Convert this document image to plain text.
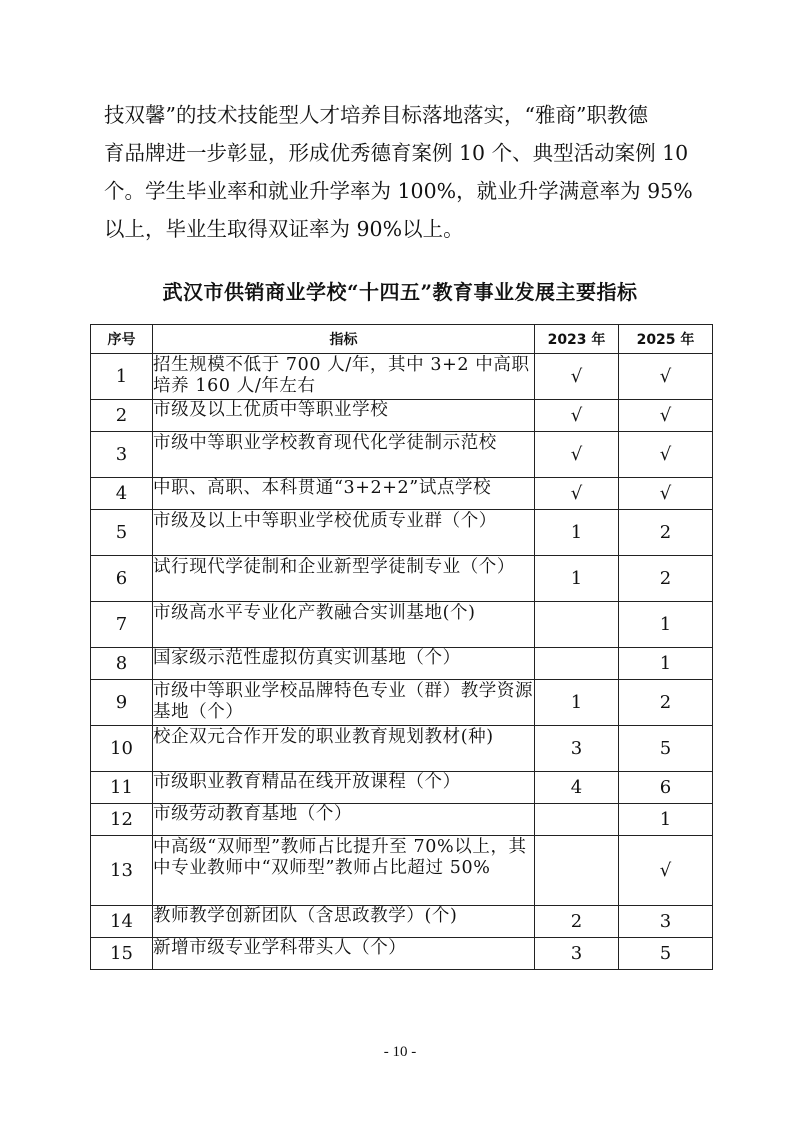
技双馨”的技术技能型人才培养目标落地落实，“雅商”职教德
育品牌进一步彰显，形成优秀德育案例 10 个、典型活动案例 10
个。学生毕业率和就业升学率为 100%，就业升学满意率为 95%
以上，毕业生取得双证率为 90%以上。
武汉市供销商业学校“十四五”教育事业发展主要指标
序号	指标	2023 年	2025 年
1	招生规模不低于 700 人/年，其中 3+2 中高职培养 160 人/年左右	√	√
2	市级及以上优质中等职业学校	√	√
3	市级中等职业学校教育现代化学徒制示范校	√	√
4	中职、高职、本科贯通“3+2+2”试点学校	√	√
5	市级及以上中等职业学校优质专业群（个）	1	2
6	试行现代学徒制和企业新型学徒制专业（个）	1	2
7	市级高水平专业化产教融合实训基地(个)		1
8	国家级示范性虚拟仿真实训基地（个）		1
9	市级中等职业学校品牌特色专业（群）教学资源基地（个）	1	2
10	校企双元合作开发的职业教育规划教材(种)	3	5
11	市级职业教育精品在线开放课程（个）	4	6
12	市级劳动教育基地（个）		1
13	中高级“双师型”教师占比提升至 70%以上，其中专业教师中“双师型”教师占比超过 50%		√
14	教师教学创新团队（含思政教学）(个)	2	3
15	新增市级专业学科带头人（个）	3	5
- 10 -
